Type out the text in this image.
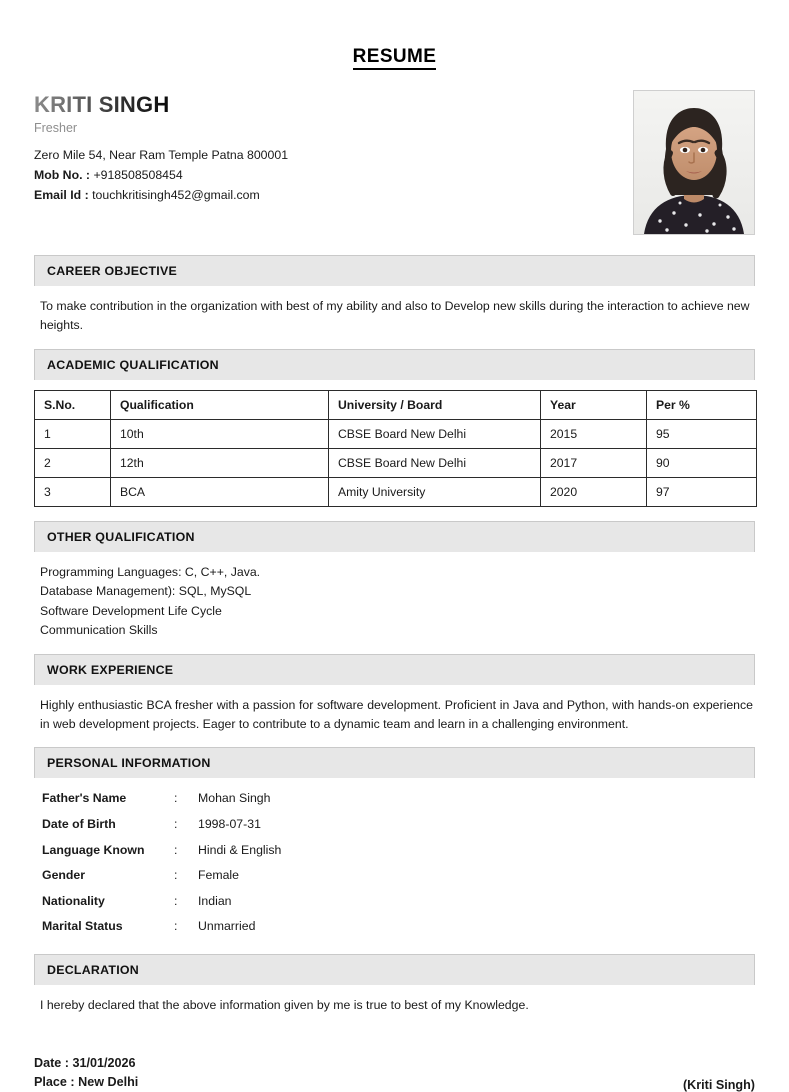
RESUME
KRITI SINGH
Fresher
Zero Mile 54, Near Ram Temple Patna 800001
Mob No. : +918508508454
Email Id : touchkritisingh452@gmail.com
CAREER OBJECTIVE
To make contribution in the organization with best of my ability and also to Develop new skills during the interaction to achieve new heights.
ACADEMIC QUALIFICATION
S.No.	Qualification	University / Board	Year	Per %
1	10th	CBSE Board New Delhi	2015	95
2	12th	CBSE Board New Delhi	2017	90
3	BCA	Amity University	2020	97
OTHER QUALIFICATION
Programming Languages: C, C++, Java.
Database Management): SQL, MySQL
Software Development Life Cycle
Communication Skills
WORK EXPERIENCE
Highly enthusiastic BCA fresher with a passion for software development. Proficient in Java and Python, with hands-on experience in web development projects. Eager to contribute to a dynamic team and learn in a challenging environment.
PERSONAL INFORMATION
Father's Name	:	Mohan Singh
Date of Birth	:	1998-07-31
Language Known	:	Hindi & English
Gender	:	Female
Nationality	:	Indian
Marital Status	:	Unmarried
DECLARATION
I hereby declared that the above information given by me is true to best of my Knowledge.
Date : 31/01/2026
Place : New Delhi	(Kriti Singh)
